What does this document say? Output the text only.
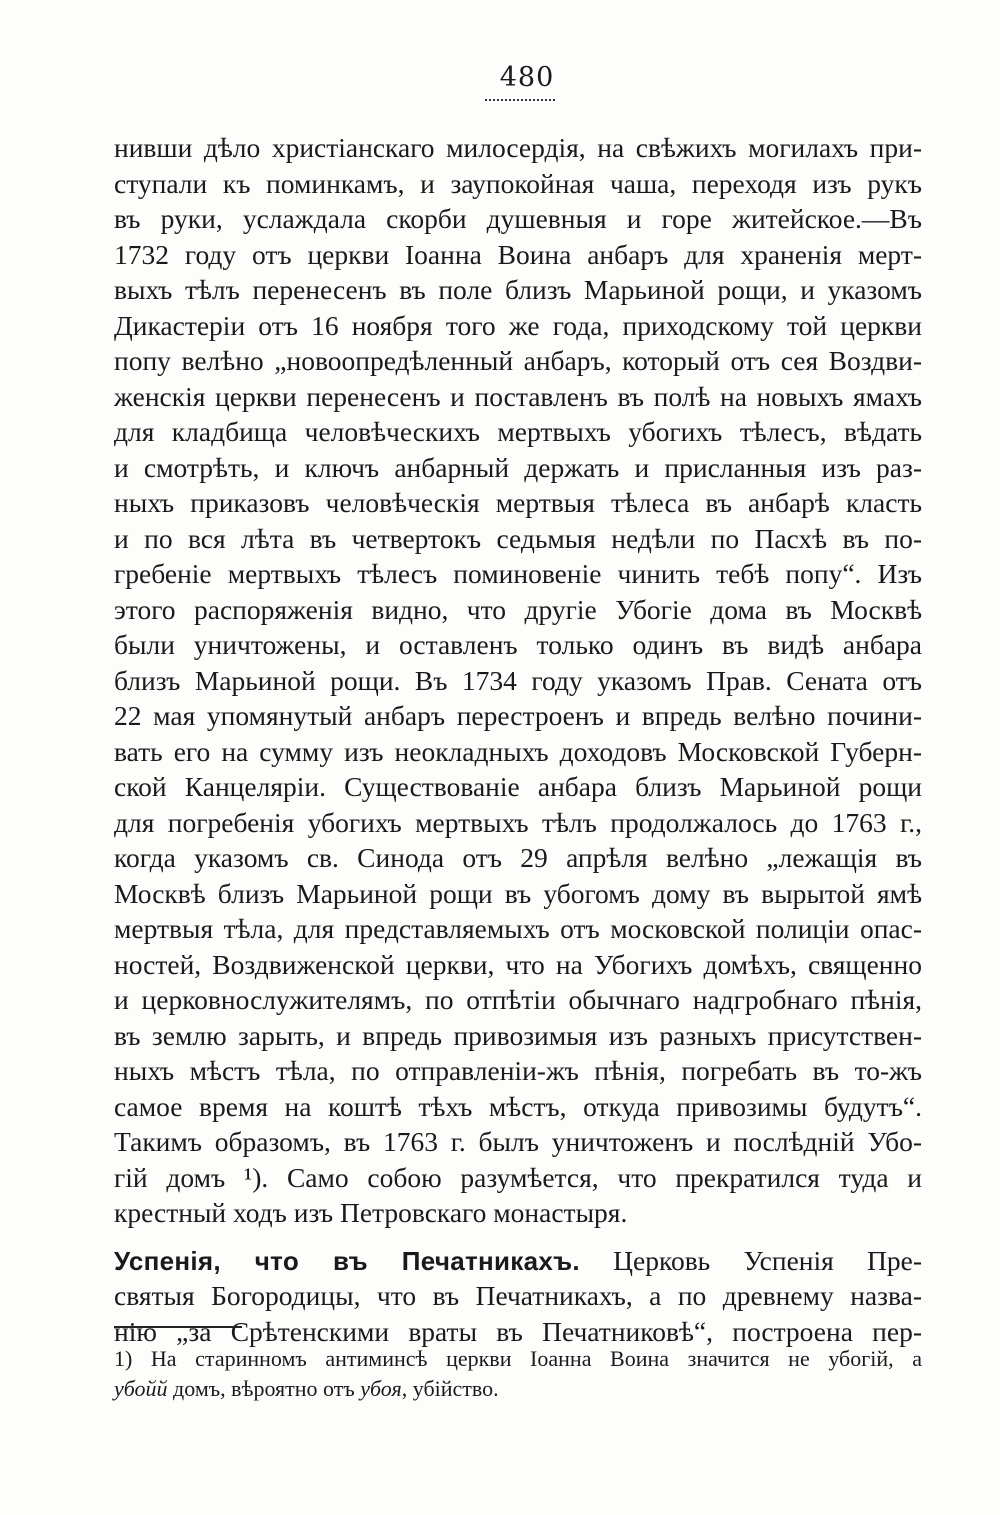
480
нивши дѣло христіанскаго милосердія, на свѣжихъ могилахъ при-
ступали къ поминкамъ, и заупокойная чаша, переходя изъ рукъ
въ руки, услаждала скорби душевныя и горе житейское.—Въ
1732 году отъ церкви Іоанна Воина анбаръ для храненія мерт-
выхъ тѣлъ перенесенъ въ поле близъ Марьиной рощи, и указомъ
Дикастеріи отъ 16 ноября того же года, приходскому той церкви
попу велѣно „новоопредѣленный анбаръ, который отъ сея Воздви-
женскія церкви перенесенъ и поставленъ въ полѣ на новыхъ ямахъ
для кладбища человѣческихъ мертвыхъ убогихъ тѣлесъ, вѣдать
и смотрѣть, и ключъ анбарный держать и присланныя изъ раз-
ныхъ приказовъ человѣческія мертвыя тѣлеса въ анбарѣ класть
и по вся лѣта въ четвертокъ седьмыя недѣли по Пасхѣ въ по-
гребеніе мертвыхъ тѣлесъ поминовеніе чинить тебѣ попу“. Изъ
этого распоряженія видно, что другіе Убогіе дома въ Москвѣ
были уничтожены, и оставленъ только одинъ въ видѣ анбара
близъ Марьиной рощи. Въ 1734 году указомъ Прав. Сената отъ
22 мая упомянутый анбаръ перестроенъ и впредь велѣно почини-
вать его на сумму изъ неокладныхъ доходовъ Московской Губерн-
ской Канцеляріи. Существованіе анбара близъ Марьиной рощи
для погребенія убогихъ мертвыхъ тѣлъ продолжалось до 1763 г.,
когда указомъ св. Синода отъ 29 апрѣля велѣно „лежащія въ
Москвѣ близъ Марьиной рощи въ убогомъ дому въ вырытой ямѣ
мертвыя тѣла, для представляемыхъ отъ московской полиціи опас-
ностей, Воздвиженской церкви, что на Убогихъ домѣхъ, священно
и церковнослужителямъ, по отпѣтіи обычнаго надгробнаго пѣнія,
въ землю зарыть, и впредь привозимыя изъ разныхъ присутствен-
ныхъ мѣстъ тѣла, по отправленіи-жъ пѣнія, погребать въ то-жъ
самое время на коштѣ тѣхъ мѣстъ, откуда привозимы будутъ“.
Такимъ образомъ, въ 1763 г. былъ уничтоженъ и послѣдній Убо-
гій домъ ¹). Само собою разумѣется, что прекратился туда и
крестный ходъ изъ Петровскаго монастыря.
Успенія, что въ Печатникахъ. Церковь Успенія Пре-
святыя Богородицы, что въ Печатникахъ, а по древнему назва-
нію „за Срѣтенскими враты въ Печатниковѣ“, построена пер-
1) На старинномъ антиминсѣ церкви Іоанна Воина значится не убогій, а
убойй домъ, вѣроятно отъ убоя, убійство.
